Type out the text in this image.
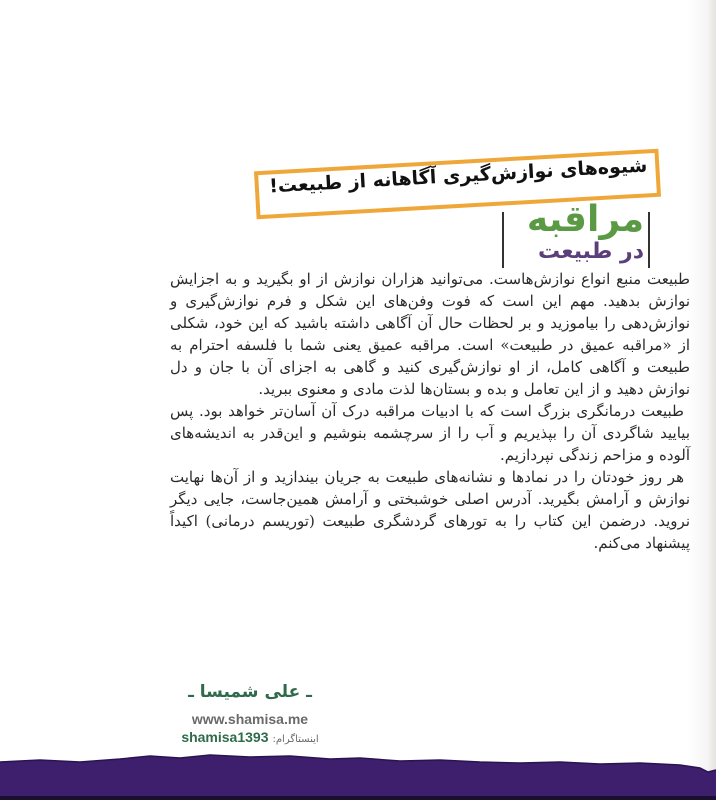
شیوه‌های نوازش‌گیری آگاهانه از طبیعت!
مراقبه
در طبیعت

طبیعت منبع انواع نوازش‌هاست. می‌توانید هزاران نوازش از او بگیرید و به اجزایش نوازش بدهید. مهم این است که فوت وفن‌های این شکل و فرم نوازش‌گیری و نوازش‌دهی را بیاموزید و بر لحظات حال آن آگاهی داشته باشید که این خود، شکلی از «مراقبه عمیق در طبیعت» است. مراقبه عمیق یعنی شما با فلسفه احترام به طبیعت و آگاهی کامل، از او نوازش‌گیری کنید و گاهی به اجزای آن با جان و دل نوازش دهید و از این تعامل و بده و بستان‌ها لذت مادی و معنوی ببرید.

طبیعت درمانگری بزرگ است که با ادبیات مراقبه درک آن آسان‌تر خواهد بود. پس بیایید شاگردی آن را بپذیریم و آب را از سرچشمه بنوشیم و این‌قدر به اندیشه‌های آلوده و مزاحم زندگی نپردازیم.

هر روز خودتان را در نمادها و نشانه‌های طبیعت به جریان بیندازید و از آن‌ها نهایت نوازش و آرامش بگیرید. آدرس اصلی خوشبختی و آرامش همین‌جاست، جایی دیگر نروید. درضمن این کتاب را به تورهای گردشگری طبیعت (توریسم درمانی) اکیداً پیشنهاد می‌کنم.

ـ علی شمیسا ـ
www.shamisa.me
shamisa1393 اینستاگرام:
